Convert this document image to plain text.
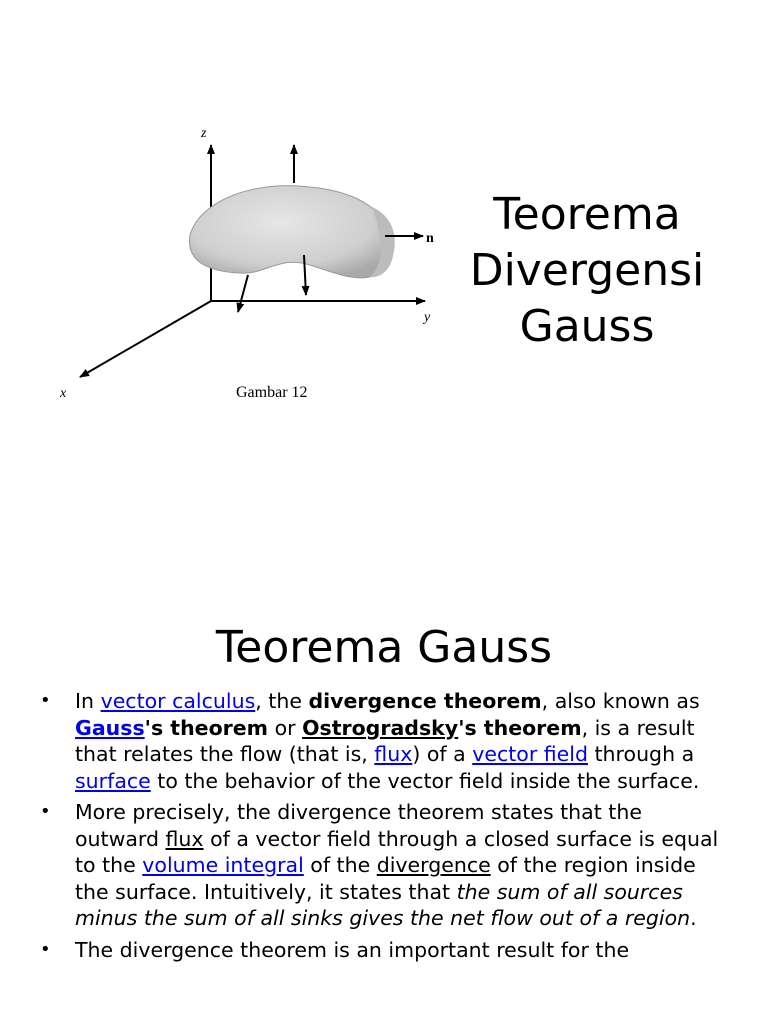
z
y
x
n
Gambar 12
Teorema
Divergensi
Gauss
Teorema Gauss
• In vector calculus, the divergence theorem, also known as Gauss's theorem or Ostrogradsky's theorem, is a result that relates the flow (that is, flux) of a vector field through a surface to the behavior of the vector field inside the surface.
• More precisely, the divergence theorem states that the outward flux of a vector field through a closed surface is equal to the volume integral of the divergence of the region inside the surface. Intuitively, it states that the sum of all sources minus the sum of all sinks gives the net flow out of a region.
• The divergence theorem is an important result for the
